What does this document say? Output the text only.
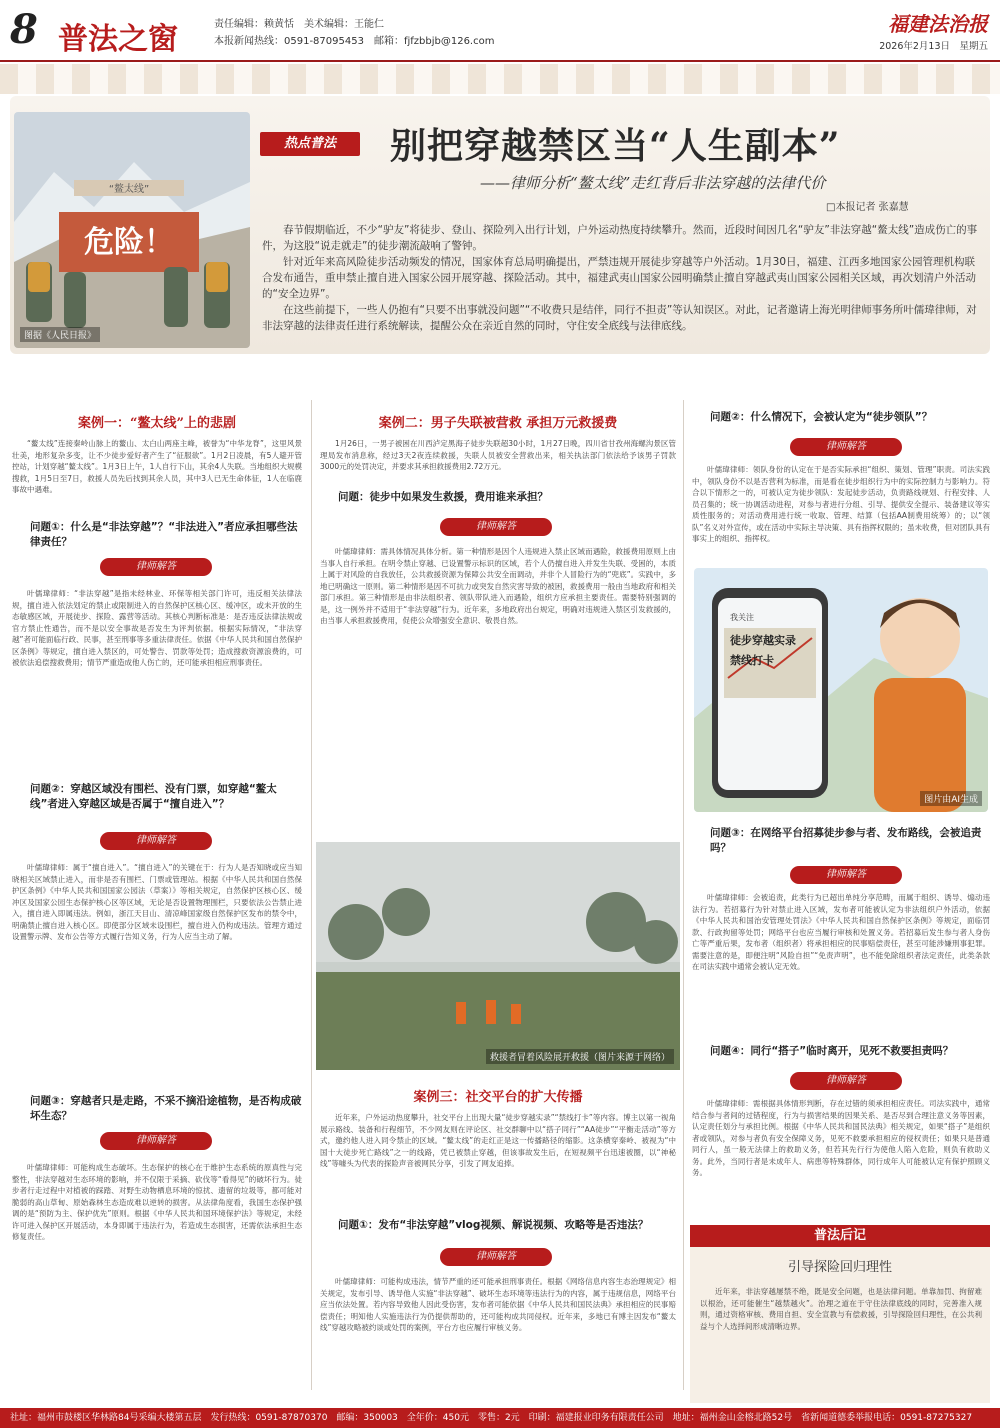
8 普法之窗	责任编辑：赖黄恬　美术编辑：王能仁
本报新闻热线：0591-87095453　邮箱：fjfzbbjb@126.com
福建法治报
2026年2月13日　星期五
危险！
“鳌太线”
图据《人民日报》
热点普法	别把穿越禁区当“人生副本”
——律师分析“鳌太线”走红背后非法穿越的法律代价
□本报记者 张嘉慧

春节假期临近，不少“驴友”将徒步、登山、探险列入出行计划，户外运动热度持续攀升。然而，近段时间因几名“驴友”非法穿越“鳌太线”造成伤亡的事件，为这股“说走就走”的徒步潮流敲响了警钟。

针对近年来高风险徒步活动频发的情况，国家体育总局明确提出，严禁违规开展徒步穿越等户外活动。1月30日，福建、江西多地国家公园管理机构联合发布通告，重申禁止擅自进入国家公园开展穿越、探险活动。其中，福建武夷山国家公园明确禁止擅自穿越武夷山国家公园相关区域，再次划清户外活动的“安全边界”。

在这些前提下，一些人仍抱有“只要不出事就没问题”“不收费只是结伴，同行不担责”等认知误区。对此，记者邀请上海光明律师事务所叶儒瑋律师，对非法穿越的法律责任进行系统解读，提醒公众在亲近自然的同时，守住安全底线与法律底线。

案例一：“鳌太线”上的悲剧
“鳌太线”连接秦岭山脉上的鳌山、太白山两座主峰，被誉为“中华龙脊”，这里风景壮美，地形复杂多变，让不少徒步爱好者产生了“征服欲”。1月2日凌晨，有5人避开管控站，计划穿越“鳌太线”。1月3日上午，1人自行下山，其余4人失联。当地组织大规模搜救，1月5日至7日，救援人员先后找到其余人员，其中3人已无生命体征，1人在临鹿事故中遇难。
问题①：什么是“非法穿越”？“非法进入”者应承担哪些法律责任？
律师解答
叶儒瑋律师：“非法穿越”是指未经林业、环保等相关部门许可，违反相关法律法规，擅自进入依法划定的禁止或限制进入的自然保护区核心区、缓冲区，或未开放的生态敏感区域，开展徒步、探险、露营等活动。其核心判断标准是：是否违反法律法规或官方禁止性通告，而不是以安全事故是否发生为评判依据。根据实际情况，“非法穿越”者可能面临行政、民事，甚至刑事等多重法律责任。依据《中华人民共和国自然保护区条例》等规定，擅自进入禁区的，可处警告、罚款等处罚；造成搜救资源浪费的，可被依法追偿搜救费用；情节严重造成他人伤亡的，还可能承担相应刑事责任。
问题②：穿越区域没有围栏、没有门票，如穿越“鳌太线”者进入穿越区域是否属于“擅自进入”？
律师解答
叶儒瑋律师：属于“擅自进入”。“擅自进入”的关键在于：行为人是否知晓或应当知晓相关区域禁止进入，而非是否有围栏、门票或管理站。根据《中华人民共和国自然保护区条例》《中华人民共和国国家公园法（草案）》等相关规定，自然保护区核心区、缓冲区及国家公园生态保护核心区等区域，无论是否设置物理围栏，只要依法公告禁止进入，擅自进入即属违法。例如，浙江天目山、清凉峰国家级自然保护区发布的禁令中，明确禁止擅自进入核心区。即使部分区域未设围栏，擅自进入仍构成违法。管理方通过设置警示牌、发布公告等方式履行告知义务，行为人应当主动了解。
问题③：穿越者只是走路，不采不摘沿途植物，是否构成破坏生态？
律师解答
叶儒瑋律师：可能构成生态破坏。生态保护的核心在于维护生态系统的原真性与完整性，非法穿越对生态环境的影响，并不仅限于采摘、砍伐等“看得见”的破坏行为。徒步者行走过程中对植被的踩踏、对野生动物栖息环境的惊扰、遗留的垃圾等，都可能对脆弱的高山草甸、原始森林生态造成难以逆转的损害。从法律角度看，我国生态保护强调的是“预防为主、保护优先”原则。根据《中华人民共和国环境保护法》等规定，未经许可进入保护区开展活动，本身即属于违法行为，若造成生态损害，还需依法承担生态修复责任。
案例二：男子失联被营救 承担万元救援费
1月26日，一男子被困在川西泸定黑海子徒步失联超30小时，1月27日晚，四川省甘孜州海螺沟景区管理局发布消息称，经过3天2夜连续救援，失联人员被安全营救出来，相关执法部门依法给予该男子罚款3000元的处罚决定，并要求其承担救援费用2.72万元。
问题：徒步中如果发生救援，费用谁来承担？
律师解答
叶儒瑋律师：需具体情况具体分析。第一种情形是因个人违规进入禁止区域而遇险，救援费用原则上由当事人自行承担。在明令禁止穿越、已设置警示标识的区域，若个人仍擅自进入并发生失联、受困的，本质上属于对风险的自我放任，公共救援资源为保障公共安全而调动，并非个人冒险行为的“兜底”。实践中，多地已明确这一原则。第二种情形是因不可抗力或突发自然灾害导致的被困，救援费用一般由当地政府和相关部门承担。第三种情形是由非法组织者、领队带队进入而遇险，组织方应承担主要责任。需要特别强调的是，这一例外并不适用于“非法穿越”行为。近年来，多地政府出台规定，明确对违规进入禁区引发救援的，由当事人承担救援费用，促使公众增强安全意识、敬畏自然。
救援者冒着风险展开救援（图片来源于网络）
案例三：社交平台的扩大传播
近年来，户外运动热度攀升，社交平台上出现大量“徒步穿越实录”“禁线打卡”等内容。博主以第一视角展示路线、装备和行程细节，不少网友则在评论区、社交群聊中以“搭子同行”“AA徒步”“平衡走活动”等方式，邀约他人进入同令禁止的区域。“鳌太线”的走红正是这一传播路径的缩影。这条横穿秦岭、被视为“中国十大徒步死亡路线”之一的线路，凭已被禁止穿越，但该事故发生后，在短视频平台迅速被圈，以“神秘线”等噱头为代表的探险声音被网民分享，引发了网友追捧。
问题①：发布“非法穿越”vlog视频、解说视频、攻略等是否违法？
律师解答
叶儒瑋律师：可能构成违法，情节严重的还可能承担刑事责任。根据《网络信息内容生态治理规定》相关规定，发布引导、诱导他人实施“非法穿越”、破坏生态环境等违法行为的内容，属于违规信息，网络平台应当依法处置。若内容导致他人因此受伤害，发布者可能依据《中华人民共和国民法典》承担相应的民事赔偿责任；明知他人实施违法行为仍提供帮助的，还可能构成共同侵权。近年来，多地已有博主因发布“鳌太线”穿越攻略被约谈或处罚的案例，平台方也应履行审核义务。
问题②：什么情况下，会被认定为“徒步领队”？
律师解答
叶儒瑋律师：领队身份的认定在于是否实际承担“组织、策划、管理”职责。司法实践中，领队身份不以是否营利为标准，而是看在徒步组织行为中的实际控制力与影响力。符合以下情形之一的，可被认定为徒步领队：发起徒步活动，负责路线规划、行程安排、人员召集的；统一协调活动进程，对参与者进行分组、引导、提供安全提示、装备建议等实质性服务的；对活动费用进行统一收取、管理、结算（包括AA制费用统筹）的；以“领队”名义对外宣传，或在活动中实际主导决策、具有指挥权限的；虽未收费，但对团队具有事实上的组织、指挥权。
我关注
徒步穿越实录
禁线打卡
图片由AI生成
问题③：在网络平台招募徒步参与者、发布路线，会被追责吗？
律师解答
叶儒瑋律师：会被追责，此类行为已超出单纯分享范畴，而属于组织、诱导、煽动违法行为。若招募行为针对禁止进入区域，发布者可能被认定为非法组织户外活动，依据《中华人民共和国治安管理处罚法》《中华人民共和国自然保护区条例》等规定，面临罚款、行政拘留等处罚；网络平台也应当履行审核和处置义务。若招募后发生参与者人身伤亡等严重后果，发布者（组织者）将承担相应的民事赔偿责任，甚至可能涉嫌刑事犯罪。需要注意的是，即便注明“风险自担”“免责声明”，也不能免除组织者法定责任，此类条款在司法实践中通常会被认定无效。
问题④：同行“搭子”临时离开，见死不救要担责吗？
律师解答
叶儒瑋律师：需根据具体情形判断，存在过错的须承担相应责任。司法实践中，通常结合参与者间的过错程度，行为与损害结果的因果关系、是否尽到合理注意义务等因素，认定责任划分与承担比例。根据《中华人民共和国民法典》相关规定，如果“搭子”是组织者或领队，对参与者负有安全保障义务，见死不救要承担相应的侵权责任；如果只是普通同行人，虽一般无法律上的救助义务，但若其先行行为使他人陷入危险，则负有救助义务。此外，当同行者是未成年人、病患等特殊群体，同行成年人可能被认定有保护照顾义务。
普法后记
引导探险回归理性
近年来，非法穿越屡禁不绝，既是安全问题，也是法律问题。单靠加罚、拘留难以根治，还可能催生“越禁越火”。治理之道在于守住法律底线的同时，完善准入规则，通过资格审核、费用自担、安全宣教与有偿救援，引导探险回归理性，在公共利益与个人选择间形成清晰边界。
社址：福州市鼓楼区华林路84号采编大楼第五层　发行热线：0591-87870370　邮编：350003　全年价：450元　零售：2元　印刷：福建报业印务有限责任公司　地址：福州金山金榕北路52号　省新闻道德委举报电话：0591-87275327
